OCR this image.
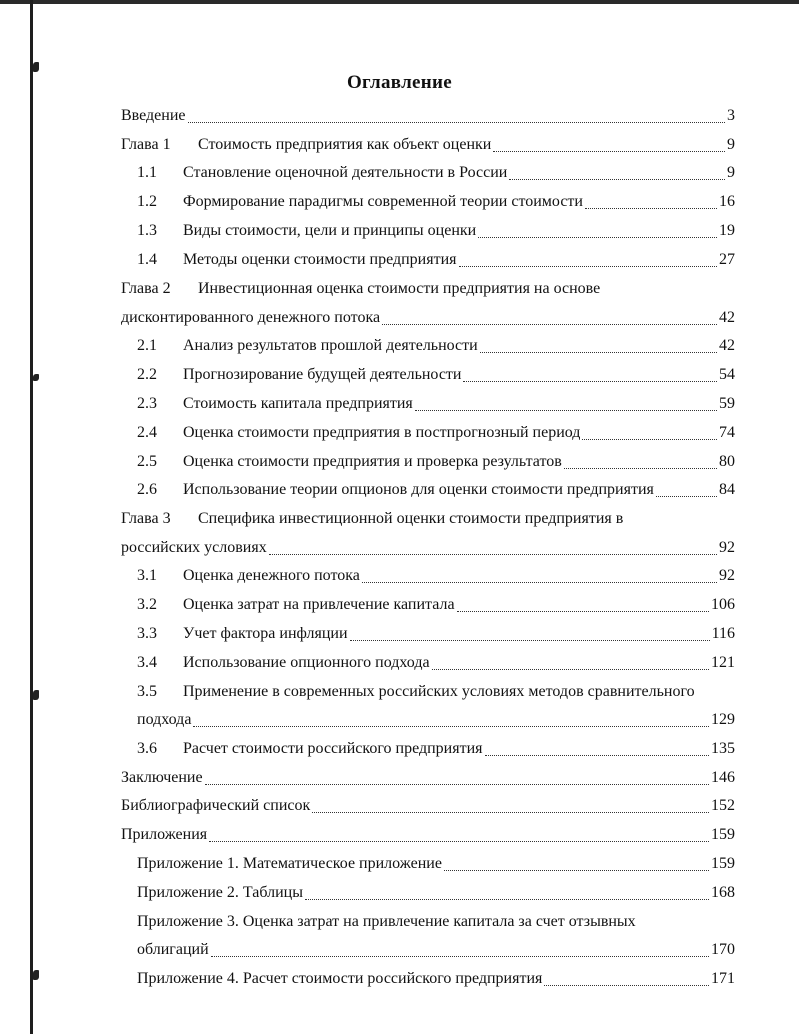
Оглавление
Введение	3
Глава 1 Стоимость предприятия как объект оценки	9
1.1 Становление оценочной деятельности в России	9
1.2 Формирование парадигмы современной теории стоимости	16
1.3 Виды стоимости, цели и принципы оценки	19
1.4 Методы оценки стоимости предприятия	27
Глава 2 Инвестиционная оценка стоимости предприятия на основе
дисконтированного денежного потока	42
2.1 Анализ результатов прошлой деятельности	42
2.2 Прогнозирование будущей деятельности	54
2.3 Стоимость капитала предприятия	59
2.4 Оценка стоимости предприятия в постпрогнозный период	74
2.5 Оценка стоимости предприятия и проверка результатов	80
2.6 Использование теории опционов для оценки стоимости предприятия	84
Глава 3 Специфика инвестиционной оценки стоимости предприятия в
российских условиях	92
3.1 Оценка денежного потока	92
3.2 Оценка затрат на привлечение капитала	106
3.3 Учет фактора инфляции	116
3.4 Использование опционного подхода	121
3.5 Применение в современных российских условиях методов сравнительного
подхода	129
3.6 Расчет стоимости российского предприятия	135
Заключение	146
Библиографический список	152
Приложения	159
Приложение 1. Математическое приложение	159
Приложение 2. Таблицы	168
Приложение 3. Оценка затрат на привлечение капитала за счет отзывных
облигаций	170
Приложение 4. Расчет стоимости российского предприятия	171
